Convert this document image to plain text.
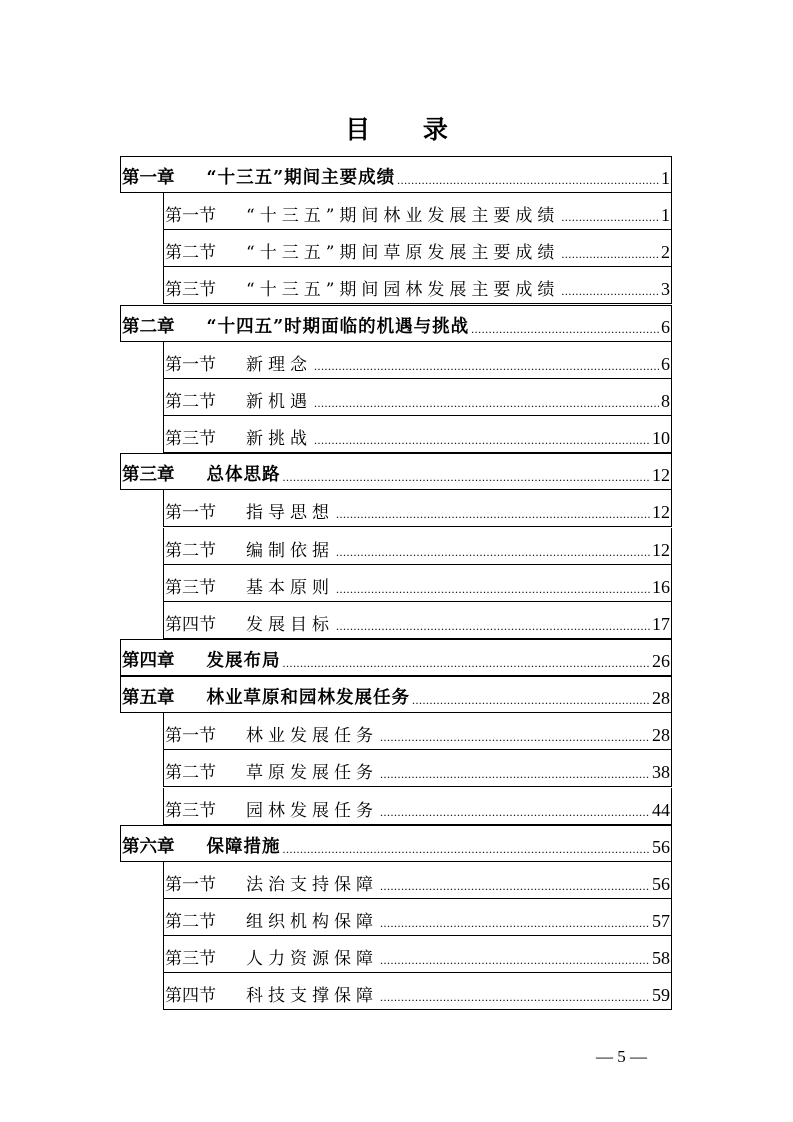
目 录
第一章 “十三五”期间主要成绩 .....	1
第一节 “十三五”期间林业发展主要成绩 .....	1
第二节 “十三五”期间草原发展主要成绩 .....	2
第三节 “十三五”期间园林发展主要成绩 .....	3
第二章 “十四五”时期面临的机遇与挑战 .....	6
第一节 新理念 .....	6
第二节 新机遇 .....	8
第三节 新挑战 .....	10
第三章 总体思路 .....	12
第一节 指导思想 .....	12
第二节 编制依据 .....	12
第三节 基本原则 .....	16
第四节 发展目标 .....	17
第四章 发展布局 .....	26
第五章 林业草原和园林发展任务 .....	28
第一节 林业发展任务 .....	28
第二节 草原发展任务 .....	38
第三节 园林发展任务 .....	44
第六章 保障措施 .....	56
第一节 法治支持保障 .....	56
第二节 组织机构保障 .....	57
第三节 人力资源保障 .....	58
第四节 科技支撑保障 .....	59
— 5 —
